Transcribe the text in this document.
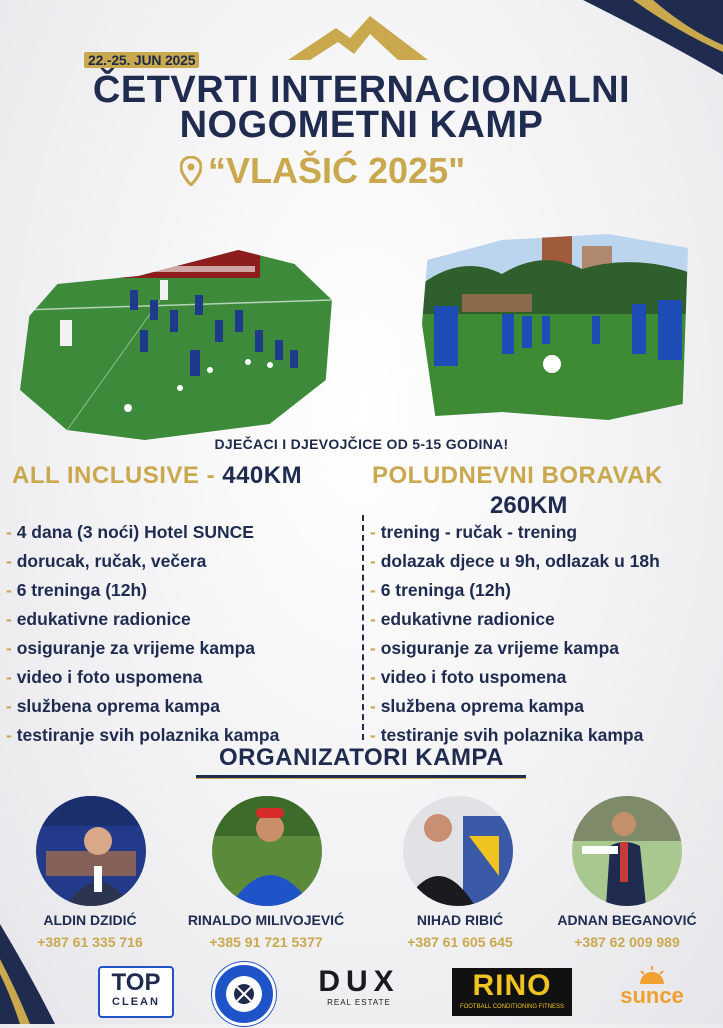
22.-25. JUN 2025
ČETVRTI INTERNACIONALNI
NOGOMETNI KAMP
“VLAŠIĆ 2025"
DJEČACI I DJEVOJČICE OD 5-15 GODINA!
ALL INCLUSIVE - 440KM	POLUDNEVNI BORAVAK
260KM
- 4 dana (3 noći) Hotel SUNCE
- dorucak, ručak, večera
- 6 treninga (12h)
- edukativne radionice
- osiguranje za vrijeme kampa
- video i foto uspomena
- službena oprema kampa
- testiranje svih polaznika kampa
- trening - ručak - trening
- dolazak djece u 9h, odlazak u 18h
- 6 treninga (12h)
- edukativne radionice
- osiguranje za vrijeme kampa
- video i foto uspomena
- službena oprema kampa
- testiranje svih polaznika kampa
ORGANIZATORI KAMPA
ALDIN DZIDIĆ
+387 61 335 716
RINALDO MILIVOJEVIĆ
+385 91 721 5377
NIHAD RIBIĆ
+387 61 605 645
ADNAN BEGANOVIĆ
+387 62 009 989
TOP
CLEAN
DUX
REAL ESTATE
RINO
FOOTBALL CONDITIONING FITNESS	sunce
